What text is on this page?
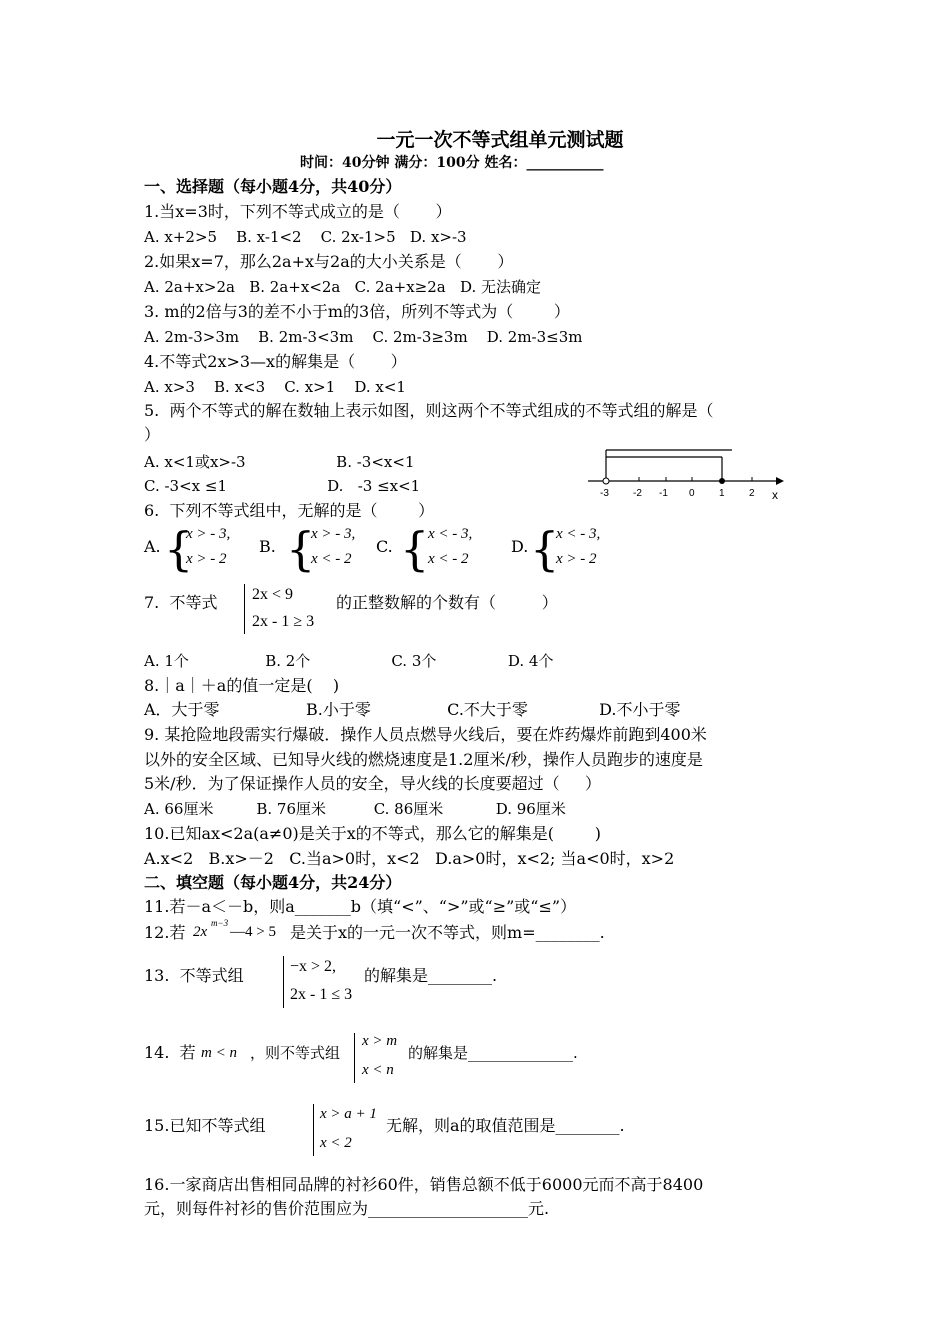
一元一次不等式组单元测试题
时间：40分钟 满分：100分 姓名：___________
一、选择题（每小题4分，共40分）
1.当x=3时，下列不等式成立的是（       ）
A. x+2>5    B. x-1<2    C. 2x-1>5   D. x>-3
2.如果x=7，那么2a+x与2a的大小关系是（       ）
A. 2a+x>2a   B. 2a+x<2a   C. 2a+x≥2a   D. 无法确定
3. m的2倍与3的差不小于m的3倍，所列不等式为（        ）
A. 2m-3>3m    B. 2m-3<3m    C. 2m-3≥3m    D. 2m-3≤3m
4.不等式2x>3—x的解集是（       ）
A. x>3    B. x<3    C. x>1    D. x<1
5.  两个不等式的解在数轴上表示如图，则这两个不等式组成的不等式组的解是（
）
A. x<1或x>-3                   B. -3<x<1
C. -3<x ≤1                     D.   -3 ≤x<1	-3 -2 -1 0 1 2 x
6.  下列不等式组中，无解的是（        ）
A. {
x > - 3,
x > - 2
B. {
x > - 3,
x < - 2
C. {
x < - 3,
x < - 2
D. {
x < - 3,
x > - 2
7.  不等式 2x < 9
2x - 1 ≥ 3
的正整数解的个数有（         ）
A. 1个                B. 2个                 C. 3个               D. 4个
8.｜a｜＋a的值一定是(    )
A．大于零                 B.小于零               C.不大于零              D.不小于零
9. 某抢险地段需实行爆破．操作人员点燃导火线后，要在炸药爆炸前跑到400米
以外的安全区域、已知导火线的燃烧速度是1.2厘米/秒，操作人员跑步的速度是
5米/秒．为了保证操作人员的安全，导火线的长度要超过（     ）
A. 66厘米         B. 76厘米          C. 86厘米           D. 96厘米
10.已知ax<2a(a≠0)是关于x的不等式，那么它的解集是(        )
A.x<2   B.x>－2   C.当a>0时，x<2   D.a>0时，x<2; 当a<0时，x>2
二、填空题（每小题4分，共24分）
11.若－a＜－b，则a_______b（填“<”、“>”或“≥”或“≤”）
12.若 2x
m−3
—4 > 5 是关于x的一元一次不等式，则m=________.
13.  不等式组	−x > 2,
2x - 1 ≤ 3
的解集是________.
14.  若 m < n ，则不等式组
x > m
x < n
的解集是______________.
15.已知不等式组
x > a + 1
x < 2
无解，则a的取值范围是________.
16.一家商店出售相同品牌的衬衫60件，销售总额不低于6000元而不高于8400
元，则每件衬衫的售价范围应为____________________元.
